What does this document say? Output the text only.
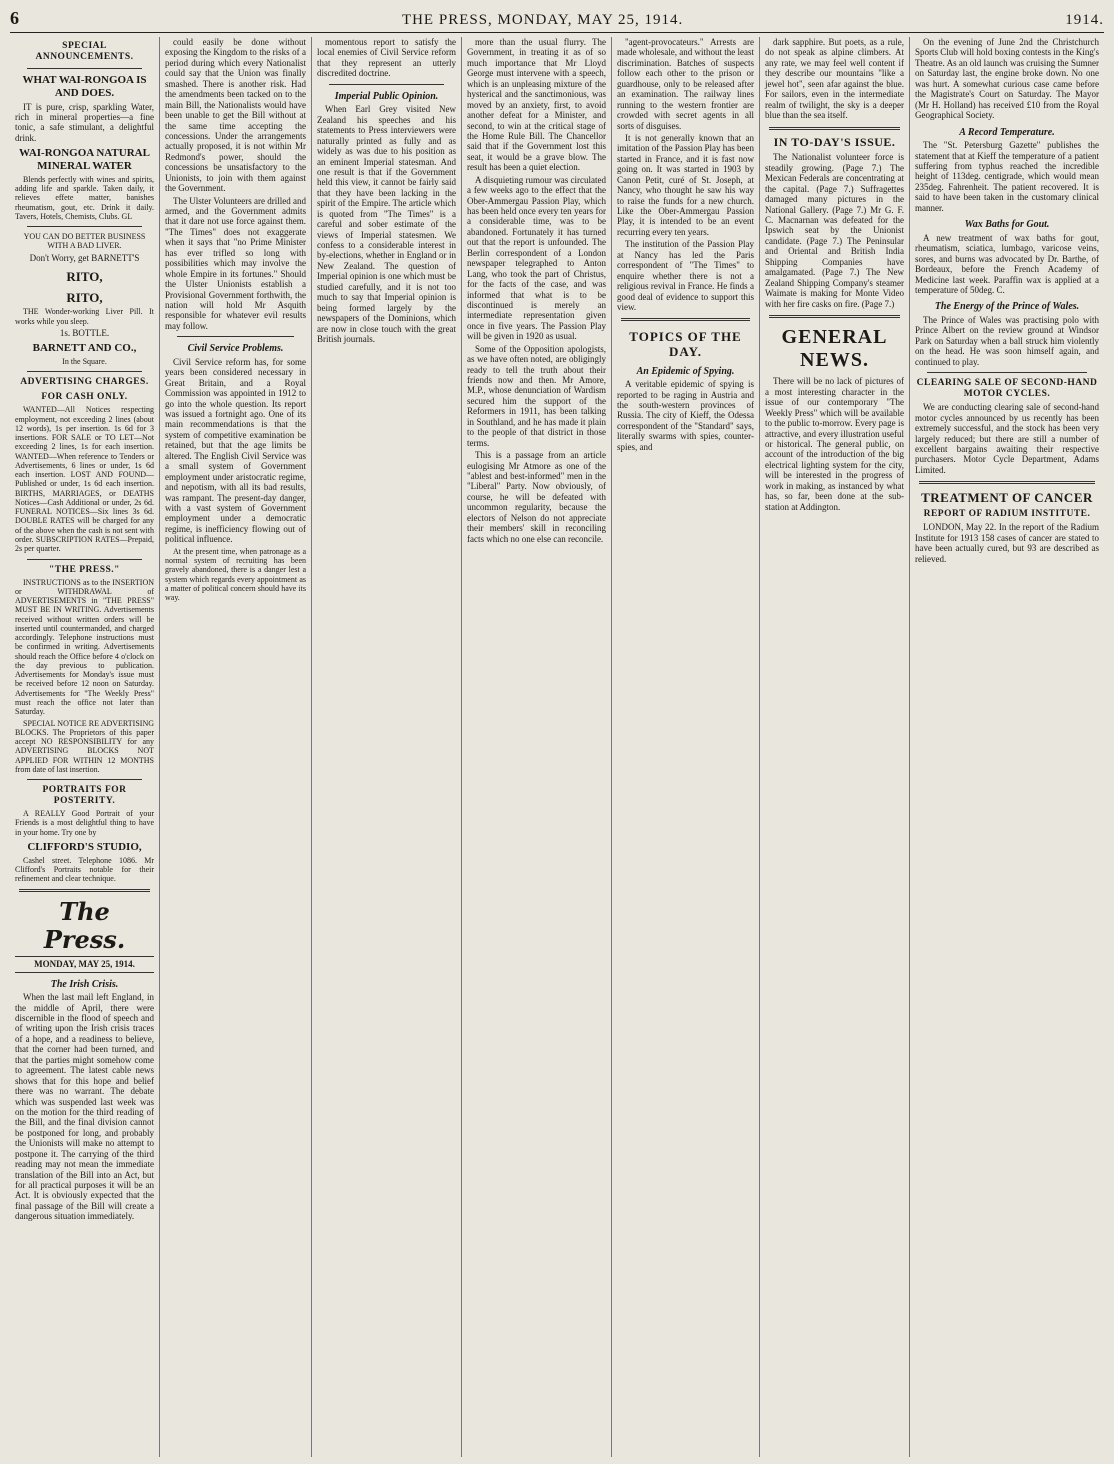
6	THE PRESS, MONDAY, MAY 25, 1914.	1914.
SPECIAL ANNOUNCEMENTS.
WHAT WAI-RONGOA IS AND DOES.

IT is pure, crisp, sparkling Water, rich in mineral properties—a fine tonic, a safe stimulant, a delightful drink.

WAI-RONGOA NATURAL MINERAL WATER

Blends perfectly with wines and spirits, adding life and sparkle. Taken daily, it relieves effete matter, banishes rheumatism, gout, etc. Drink it daily. Tavers, Hotels, Chemists, Clubs. GL

YOU CAN DO BETTER BUSINESS WITH A BAD LIVER.

Don't Worry, get BARNETT'S

RITO,
RITO,

THE Wonder-working Liver Pill. It works while you sleep.

1s. BOTTLE.

BARNETT AND CO.,

In the Square.

ADVERTISING CHARGES.
FOR CASH ONLY.

WANTED—All Notices respecting employment, not exceeding 2 lines (about 12 words), 1s per insertion. 1s 6d for 3 insertions. FOR SALE or TO LET—Not exceeding 2 lines, 1s for each insertion. WANTED—When reference to Tenders or Advertisements, 6 lines or under, 1s 6d each insertion. LOST AND FOUND—Published or under, 1s 6d each insertion. BIRTHS, MARRIAGES, or DEATHS Notices—Cash Additional or under, 2s 6d. FUNERAL NOTICES—Six lines 3s 6d. DOUBLE RATES will be charged for any of the above when the cash is not sent with order. SUBSCRIPTION RATES—Prepaid, 2s per quarter.

"THE PRESS."

INSTRUCTIONS as to the INSERTION or WITHDRAWAL of ADVERTISEMENTS in "THE PRESS" MUST BE IN WRITING. Advertisements received without written orders will be inserted until countermanded, and charged accordingly. Telephone instructions must be confirmed in writing. Advertisements should reach the Office before 4 o'clock on the day previous to publication. Advertisements for Monday's issue must be received before 12 noon on Saturday. Advertisements for "The Weekly Press" must reach the office not later than Saturday.

SPECIAL NOTICE RE ADVERTISING BLOCKS. The Proprietors of this paper accept NO RESPONSIBILITY for any ADVERTISING BLOCKS NOT APPLIED FOR WITHIN 12 MONTHS from date of last insertion.

PORTRAITS FOR POSTERITY.

A REALLY Good Portrait of your Friends is a most delightful thing to have in your home. Try one by

CLIFFORD'S STUDIO,

Cashel street. Telephone 1086. Mr Clifford's Portraits notable for their refinement and clear technique.

The Press.
MONDAY, MAY 25, 1914.
The Irish Crisis.

When the last mail left England, in the middle of April, there were discernible in the flood of speech and of writing upon the Irish crisis traces of a hope, and a readiness to believe, that the corner had been turned, and that the parties might somehow come to agreement. The latest cable news shows that for this hope and belief there was no warrant. The debate which was suspended last week was on the motion for the third reading of the Bill, and the final division cannot be postponed for long, and probably the Unionists will make no attempt to postpone it. The carrying of the third reading may not mean the immediate translation of the Bill into an Act, but for all practical purposes it will be an Act. It is obviously expected that the final passage of the Bill will create a dangerous situation immediately.

could easily be done without exposing the Kingdom to the risks of a period during which every Nationalist could say that the Union was finally smashed. There is another risk. Had the amendments been tacked on to the main Bill, the Nationalists would have been unable to get the Bill without at the same time accepting the concessions. Under the arrangements actually proposed, it is not within Mr Redmond's power, should the concessions be unsatisfactory to the Unionists, to join with them against the Government.

The Ulster Volunteers are drilled and armed, and the Government admits that it dare not use force against them. "The Times" does not exaggerate when it says that "no Prime Minister has ever trifled so long with possibilities which may involve the whole Empire in its fortunes." Should the Ulster Unionists establish a Provisional Government forthwith, the nation will hold Mr Asquith responsible for whatever evil results may follow.

Civil Service Problems.

Civil Service reform has, for some years been considered necessary in Great Britain, and a Royal Commission was appointed in 1912 to go into the whole question. Its report was issued a fortnight ago. One of its main recommendations is that the system of competitive examination be retained, but that the age limits be altered. The English Civil Service was a small system of Government employment under aristocratic regime, and nepotism, with all its bad results, was rampant. The present-day danger, with a vast system of Government employment under a democratic regime, is inefficiency flowing out of political influence.

At the present time, when patronage as a normal system of recruiting has been gravely abandoned, there is a danger lest a system which regards every appointment as a matter of political concern should have its way.

momentous report to satisfy the local enemies of Civil Service reform that they represent an utterly discredited doctrine.

Imperial Public Opinion.

When Earl Grey visited New Zealand his speeches and his statements to Press interviewers were naturally printed as fully and as widely as was due to his position as an eminent Imperial statesman. And one result is that if the Government held this view, it cannot be fairly said that they have been lacking in the spirit of the Empire. The article which is quoted from "The Times" is a careful and sober estimate of the views of Imperial statesmen. We confess to a considerable interest in by-elections, whether in England or in New Zealand. The question of Imperial opinion is one which must be studied carefully, and it is not too much to say that Imperial opinion is being formed largely by the newspapers of the Dominions, which are now in close touch with the great British journals.

more than the usual flurry. The Government, in treating it as of so much importance that Mr Lloyd George must intervene with a speech, which is an unpleasing mixture of the hysterical and the sanctimonious, was moved by an anxiety, first, to avoid another defeat for a Minister, and second, to win at the critical stage of the Home Rule Bill. The Chancellor said that if the Government lost this seat, it would be a grave blow. The result has been a quiet election.

A disquieting rumour was circulated a few weeks ago to the effect that the Ober-Ammergau Passion Play, which has been held once every ten years for a considerable time, was to be abandoned. Fortunately it has turned out that the report is unfounded. The Berlin correspondent of a London newspaper telegraphed to Anton Lang, who took the part of Christus, for the facts of the case, and was informed that what is to be discontinued is merely an intermediate representation given once in five years. The Passion Play will be given in 1920 as usual.

Some of the Opposition apologists, as we have often noted, are obligingly ready to tell the truth about their friends now and then. Mr Amore, M.P., whose denunciation of Wardism secured him the support of the Reformers in 1911, has been talking in Southland, and he has made it plain to the people of that district in those terms.

This is a passage from an article eulogising Mr Atmore as one of the "ablest and best-informed" men in the "Liberal" Party. Now obviously, of course, he will be defeated with uncommon regularity, because the electors of Nelson do not appreciate their members' skill in reconciling facts which no one else can reconcile.

"agent-provocateurs." Arrests are made wholesale, and without the least discrimination. Batches of suspects follow each other to the prison or guardhouse, only to be released after an examination. The railway lines running to the western frontier are crowded with secret agents in all sorts of disguises.

It is not generally known that an imitation of the Passion Play has been started in France, and it is fast now going on. It was started in 1903 by Canon Petit, curé of St. Joseph, at Nancy, who thought he saw his way to raise the funds for a new church. Like the Ober-Ammergau Passion Play, it is intended to be an event recurring every ten years.

The institution of the Passion Play at Nancy has led the Paris correspondent of "The Times" to enquire whether there is not a religious revival in France. He finds a good deal of evidence to support this view.

TOPICS OF THE DAY.
An Epidemic of Spying.

A veritable epidemic of spying is reported to be raging in Austria and the south-western provinces of Russia. The city of Kieff, the Odessa correspondent of the "Standard" says, literally swarms with spies, counter-spies, and

dark sapphire. But poets, as a rule, do not speak as alpine climbers. At any rate, we may feel well content if they describe our mountains "like a jewel hot", seen afar against the blue. For sailors, even in the intermediate realm of twilight, the sky is a deeper blue than the sea itself.

IN TO-DAY'S ISSUE.

The Nationalist volunteer force is steadily growing. (Page 7.) The Mexican Federals are concentrating at the capital. (Page 7.) Suffragettes damaged many pictures in the National Gallery. (Page 7.) Mr G. F. C. Macnarnan was defeated for the Ipswich seat by the Unionist candidate. (Page 7.) The Peninsular and Oriental and British India Shipping Companies have amalgamated. (Page 7.) The New Zealand Shipping Company's steamer Waimate is making for Monte Video with her fire casks on fire. (Page 7.)

GENERAL NEWS.

There will be no lack of pictures of a most interesting character in the issue of our contemporary "The Weekly Press" which will be available to the public to-morrow. Every page is attractive, and every illustration useful or historical. The general public, on account of the introduction of the big electrical lighting system for the city, will be interested in the progress of work in making, as instanced by what has, so far, been done at the sub-station at Addington.

On the evening of June 2nd the Christchurch Sports Club will hold boxing contests in the King's Theatre. As an old launch was cruising the Sumner on Saturday last, the engine broke down. No one was hurt. A somewhat curious case came before the Magistrate's Court on Saturday. The Mayor (Mr H. Holland) has received £10 from the Royal Geographical Society.

A Record Temperature.

The "St. Petersburg Gazette" publishes the statement that at Kieff the temperature of a patient suffering from typhus reached the incredible height of 113deg. centigrade, which would mean 235deg. Fahrenheit. The patient recovered. It is said to have been taken in the customary clinical manner.

Wax Baths for Gout.

A new treatment of wax baths for gout, rheumatism, sciatica, lumbago, varicose veins, sores, and burns was advocated by Dr. Barthe, of Bordeaux, before the French Academy of Medicine last week. Paraffin wax is applied at a temperature of 50deg. C.

The Energy of the Prince of Wales.

The Prince of Wales was practising polo with Prince Albert on the review ground at Windsor Park on Saturday when a ball struck him violently on the head. He was soon himself again, and continued to play.

CLEARING SALE OF SECOND-HAND MOTOR CYCLES.

We are conducting clearing sale of second-hand motor cycles announced by us recently has been extremely successful, and the stock has been very largely reduced; but there are still a number of excellent bargains awaiting their respective purchasers. Motor Cycle Department, Adams Limited.

TREATMENT OF CANCER
REPORT OF RADIUM INSTITUTE.

LONDON, May 22. In the report of the Radium Institute for 1913 158 cases of cancer are stated to have been actually cured, but 93 are described as relieved.
